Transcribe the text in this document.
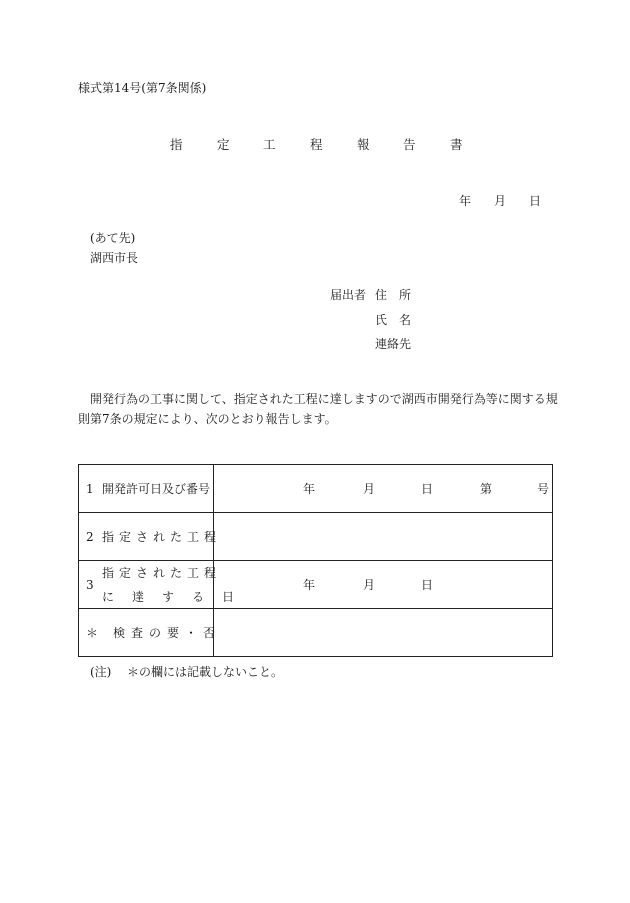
様式第14号(第7条関係)
指	定	工	程	報	告	書
年 月 日
(あて先)
湖西市長
届出者 住　所
氏　名
連絡先
開発行為の工事に関して、指定された工程に達しますので湖西市開発行為等に関する規
則第7条の規定により、次のとおり報告します。
1 開発許可日及び番号	年 月 日 第 号

2 指定された工程	

3
指定された工程
に達する日	年 月 日

＊ 検査の要・否	

(注) ＊の欄には記載しないこと。
